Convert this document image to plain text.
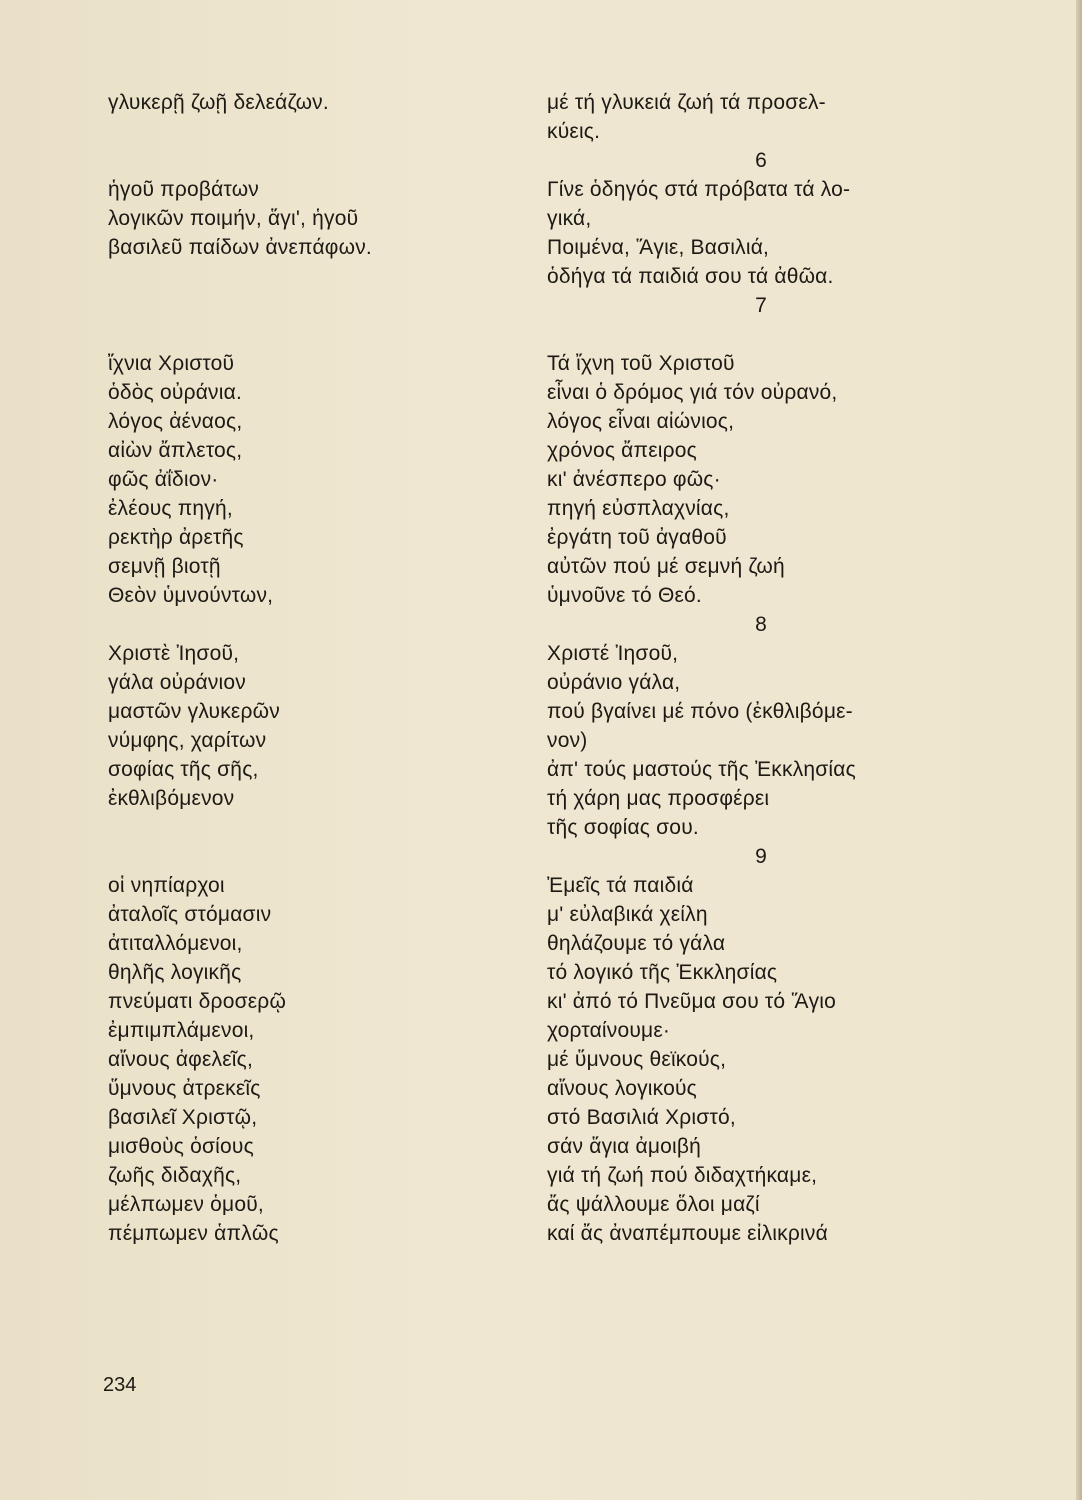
γλυκερῇ ζωῇ δελεάζων.
ἡγοῦ προβάτων
λογικῶν ποιμήν, ἅγι', ἡγοῦ
βασιλεῦ παίδων ἀνεπάφων.
ἴχνια Χριστοῦ
ὁδὸς οὐράνια.
λόγος ἀέναος,
αἰὼν ἄπλετος,
φῶς ἀΐδιον·
ἐλέους πηγή,
ρεκτὴρ ἀρετῆς
σεμνῇ βιοτῇ
Θεὸν ὑμνούντων,
Χριστὲ Ἰησοῦ,
γάλα οὐράνιον
μαστῶν γλυκερῶν
νύμφης, χαρίτων
σοφίας τῆς σῆς,
ἐκθλιβόμενον
οἱ νηπίαρχοι
ἀταλοῖς στόμασιν
ἀτιταλλόμενοι,
θηλῆς λογικῆς
πνεύματι δροσερῷ
ἐμπιμπλάμενοι,
αἴνους ἀφελεῖς,
ὕμνους ἀτρεκεῖς
βασιλεῖ Χριστῷ,
μισθοὺς ὁσίους
ζωῆς διδαχῆς,
μέλπωμεν ὁμοῦ,
πέμπωμεν ἁπλῶς
μέ τή γλυκειά ζωή τά προσελ-
κύεις.
6
Γίνε ὁδηγός στά πρόβατα τά λο-
γικά,
Ποιμένα, Ἅγιε, Βασιλιά,
ὁδήγα τά παιδιά σου τά ἀθῶα.
7
Τά ἴχνη τοῦ Χριστοῦ
εἶναι ὁ δρόμος γιά τόν οὐρανό,
λόγος εἶναι αἰώνιος,
χρόνος ἄπειρος
κι' ἀνέσπερο φῶς·
πηγή εὐσπλαχνίας,
ἐργάτη τοῦ ἀγαθοῦ
αὐτῶν πού μέ σεμνή ζωή
ὑμνοῦνε τό Θεό.
8
Χριστέ Ἰησοῦ,
οὐράνιο γάλα,
πού βγαίνει μέ πόνο (ἐκθλιβόμε-
νον)
ἀπ' τούς μαστούς τῆς Ἐκκλησίας
τή χάρη μας προσφέρει
τῆς σοφίας σου.
9
Ἐμεῖς τά παιδιά
μ' εὐλαβικά χείλη
θηλάζουμε τό γάλα
τό λογικό τῆς Ἐκκλησίας
κι' ἀπό τό Πνεῦμα σου τό Ἅγιο
χορταίνουμε·
μέ ὕμνους θεϊκούς,
αἴνους λογικούς
στό Βασιλιά Χριστό,
σάν ἅγια ἀμοιβή
γιά τή ζωή πού διδαχτήκαμε,
ἄς ψάλλουμε ὅλοι μαζί
καί ἄς ἀναπέμπουμε εἰλικρινά
234
